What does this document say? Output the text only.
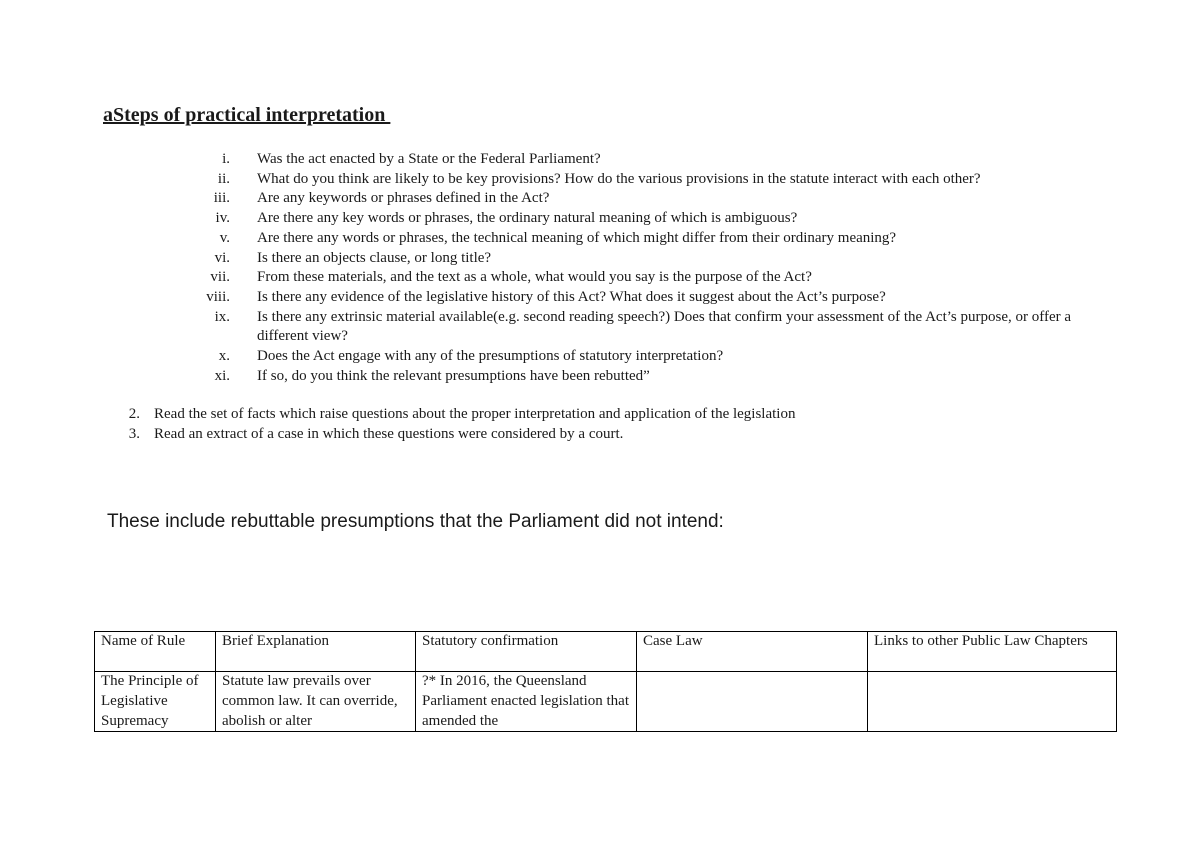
aSteps of practical interpretation
i. Was the act enacted by a State or the Federal Parliament?
ii. What do you think are likely to be key provisions? How do the various provisions in the statute interact with each other?
iii. Are any keywords or phrases defined in the Act?
iv. Are there any key words or phrases, the ordinary natural meaning of which is ambiguous?
v. Are there any words or phrases, the technical meaning of which might differ from their ordinary meaning?
vi. Is there an objects clause, or long title?
vii. From these materials, and the text as a whole, what would you say is the purpose of the Act?
viii. Is there any evidence of the legislative history of this Act? What does it suggest about the Act’s purpose?
ix. Is there any extrinsic material available(e.g. second reading speech?) Does that confirm your assessment of the Act’s purpose, or offer a different view?
x. Does the Act engage with any of the presumptions of statutory interpretation?
xi. If so, do you think the relevant presumptions have been rebutted”
2. Read the set of facts which raise questions about the proper interpretation and application of the legislation
3. Read an extract of a case in which these questions were considered by a court.
These include rebuttable presumptions that the Parliament did not intend:
Name of Rule	Brief Explanation	Statutory confirmation	Case Law	Links to other Public Law Chapters

The Principle of Legislative Supremacy	Statute law prevails over common law. It can override, abolish or alter	?* In 2016, the Queensland Parliament enacted legislation that amended the		
